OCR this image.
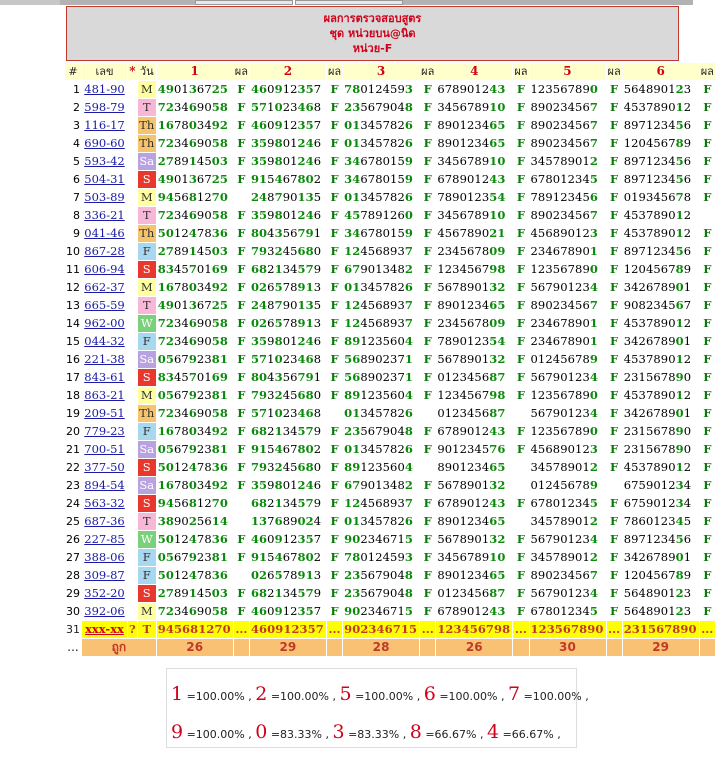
ผลการตรวจสอบสูตร
ชุด หน่วยบน@นิด
หน่วย-F
#	เลข	*	วัน	1	ผล	2	ผล	3	ผล	4	ผล	5	ผล	6	ผล
1	481-90		M	490136725	F	460912357	F	780124593	F	678901243	F	123567890	F	564890123	F
2	598-79		T	723469058	F	571023468	F	235679048	F	345678910	F	890234567	F	453789012	F
3	116-17		Th	167803492	F	460912357	F	013457826	F	890123465	F	890234567	F	897123456	F
4	690-60		Th	723469058	F	359801246	F	013457826	F	890123465	F	890234567	F	120456789	F
5	593-42		Sa	278914503	F	359801246	F	346780159	F	345678910	F	345789012	F	897123456	F
6	504-31		S	490136725	F	915467802	F	346780159	F	678901243	F	678012345	F	897123456	F
7	503-89		M	945681270		248790135	F	013457826	F	789012354	F	789123456	F	019345678	F
8	336-21		T	723469058	F	359801246	F	457891260	F	345678910	F	890234567	F	453789012	
9	041-46		Th	501247836	F	804356791	F	346780159	F	456789021	F	456890123	F	453789012	F
10	867-28		F	278914503	F	793245680	F	124568937	F	234567809	F	234678901	F	897123456	F
11	606-94		S	834570169	F	682134579	F	679013482	F	123456798	F	123567890	F	120456789	F
12	662-37		M	167803492	F	026578913	F	013457826	F	567890132	F	567901234	F	342678901	F
13	665-59		T	490136725	F	248790135	F	124568937	F	890123465	F	890234567	F	908234567	F
14	962-00		W	723469058	F	026578913	F	124568937	F	234567809	F	234678901	F	453789012	F
15	044-32		F	723469058	F	359801246	F	891235604	F	789012354	F	234678901	F	342678901	F
16	221-38		Sa	056792381	F	571023468	F	568902371	F	567890132	F	012456789	F	453789012	F
17	843-61		S	834570169	F	804356791	F	568902371	F	012345687	F	567901234	F	231567890	F
18	863-21		M	056792381	F	793245680	F	891235604	F	123456798	F	123567890	F	453789012	F
19	209-51		Th	723469058	F	571023468		013457826		012345687		567901234	F	342678901	F
20	779-23		F	167803492	F	682134579	F	235679048	F	678901243	F	123567890	F	231567890	F
21	700-51		Sa	056792381	F	915467802	F	013457826	F	901234576	F	456890123	F	231567890	F
22	377-50		S	501247836	F	793245680	F	891235604		890123465		345789012	F	453789012	F
23	894-54		Sa	167803492	F	359801246	F	679013482	F	567890132		012456789		675901234	F
24	563-32		S	945681270		682134579	F	124568937	F	678901243	F	678012345	F	675901234	F
25	687-36		T	389025614		137689024	F	013457826	F	890123465		345789012	F	786012345	F
26	227-85		W	501247836	F	460912357	F	902346715	F	567890132	F	567901234	F	897123456	F
27	388-06		F	056792381	F	915467802	F	780124593	F	345678910	F	345789012	F	342678901	F
28	309-87		F	501247836		026578913	F	235679048	F	890123465	F	890234567	F	120456789	F
29	352-20		S	278914503	F	682134579	F	235679048	F	012345687	F	567901234	F	564890123	F
30	392-06		M	723469058	F	460912357	F	902346715	F	678901243	F	678012345	F	564890123	F
31	xxx-xx	?	T	945681270	...	460912357	...	902346715	...	123456798	...	123567890	...	231567890	...
...	ถูก			26		29		28		26		30		29	
1 =100.00% , 2 =100.00% , 5 =100.00% , 6 =100.00% , 7 =100.00% ,
9 =100.00% , 0 =83.33% , 3 =83.33% , 8 =66.67% , 4 =66.67% ,
